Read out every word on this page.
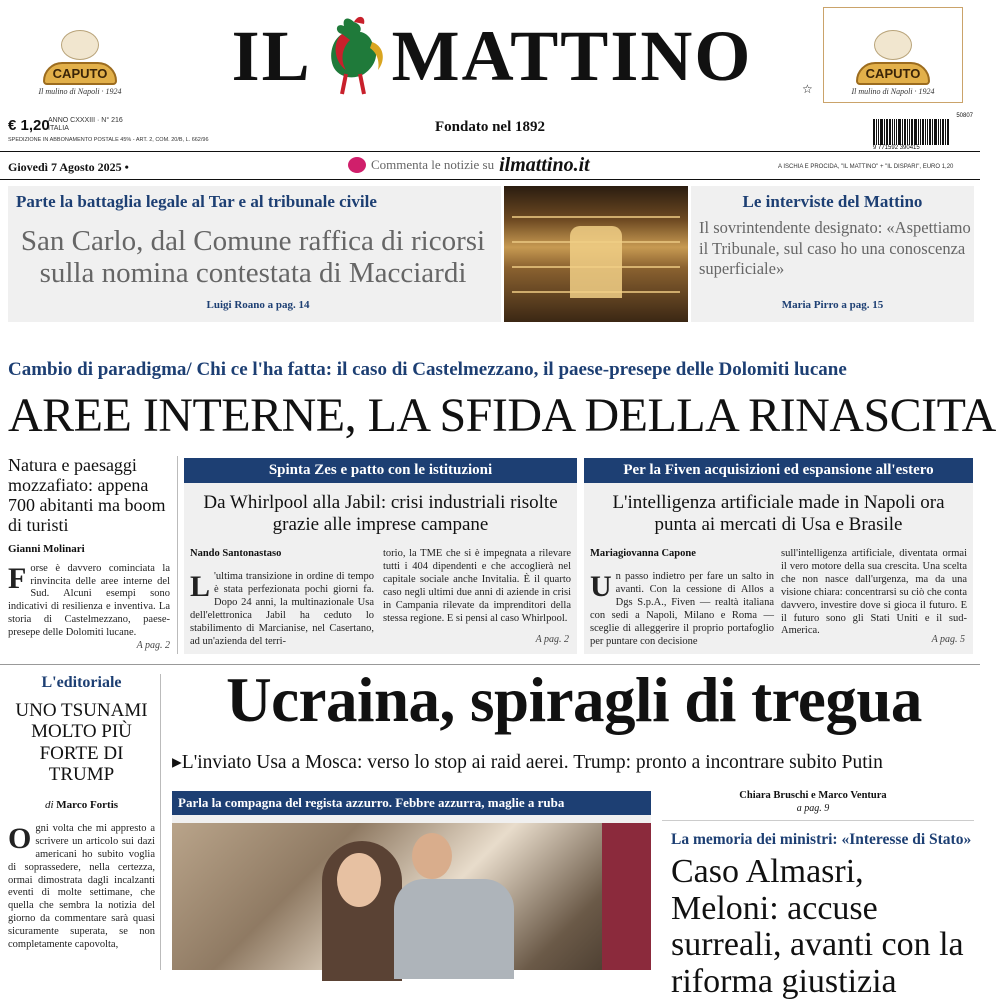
CAPUTO
Il mulino di Napoli · 1924 IL MATTINO	☆
CAPUTO
Il mulino di Napoli · 1924
€ 1,20
ANNO CXXXIII · N° 216
ITALIA
SPEDIZIONE IN ABBONAMENTO POSTALE 45% - ART. 2, COM. 20/B, L. 662/96
Fondato nel 1892
50807
9 771592 390415
Giovedì 7 Agosto 2025 •	Commenta le notizie su ilmattino.it	A ISCHIA E PROCIDA, "IL MATTINO" + "IL DISPARI", EURO 1,20
Parte la battaglia legale al Tar e al tribunale civile
San Carlo, dal Comune raffica di ricorsi sulla nomina contestata di Macciardi
Luigi Roano a pag. 14
Le interviste del Mattino
Il sovrintendente designato: «Aspettiamo il Tribunale, sul caso ho una conoscenza superficiale»
Maria Pirro a pag. 15
Cambio di paradigma/ Chi ce l'ha fatta: il caso di Castelmezzano, il paese-presepe delle Dolomiti lucane
AREE INTERNE, LA SFIDA DELLA RINASCITA
Natura e paesaggi mozzafiato: appena 700 abitanti ma boom di turisti
Gianni Molinari
Forse è davvero cominciata la rinvincita delle aree interne del Sud. Alcuni esempi sono indicativi di resilienza e inventiva. La storia di Castelmezzano, paese-presepe delle Dolomiti lucane.
A pag. 2
Spinta Zes e patto con le istituzioni
Da Whirlpool alla Jabil: crisi industriali risolte grazie alle imprese campane
Nando Santonastaso
L 'ultima transizione in ordine di tempo è stata perfezionata pochi giorni fa. Dopo 24 anni, la multinazionale Usa dell'elettronica Jabil ha ceduto lo stabilimento di Marcianise, nel Casertano, ad un'azienda del terri-
torio, la TME che si è impegnata a rilevare tutti i 404 dipendenti e che accoglierà nel capitale sociale anche Invitalia. È il quarto caso negli ultimi due anni di aziende in crisi in Campania rilevate da imprenditori della stessa regione. E si pensi al caso Whirlpool.
A pag. 2
Per la Fiven acquisizioni ed espansione all'estero
L'intelligenza artificiale made in Napoli ora punta ai mercati di Usa e Brasile
Mariagiovanna Capone
Un passo indietro per fare un salto in avanti. Con la cessione di Allos a Dgs S.p.A., Fiven — realtà italiana con sedi a Napoli, Milano e Roma — sceglie di alleggerire il proprio portafoglio per puntare con decisione
sull'intelligenza artificiale, diventata ormai il vero motore della sua crescita. Una scelta che non nasce dall'urgenza, ma da una visione chiara: concentrarsi su ciò che conta davvero, investire dove si gioca il futuro. E il futuro sono gli Stati Uniti e il sud-America.
A pag. 5
L'editoriale
UNO TSUNAMI MOLTO PIÙ FORTE DI TRUMP
di Marco Fortis
Ogni volta che mi appresto a scrivere un articolo sui dazi americani ho subito voglia di soprassedere, nella certezza, ormai dimostrata dagli incalzanti eventi di molte settimane, che quella che sembra la notizia del giorno da commentare sarà quasi sicuramente superata, se non completamente capovolta,
Ucraina, spiragli di tregua
▸L'inviato Usa a Mosca: verso lo stop ai raid aerei. Trump: pronto a incontrare subito Putin
Parla la compagna del regista azzurro. Febbre azzurra, maglie a ruba	Chiara Bruschi e Marco Ventura
a pag. 9
La memoria dei ministri: «Interesse di Stato»
Caso Almasri, Meloni: accuse surreali, avanti con la riforma giustizia
